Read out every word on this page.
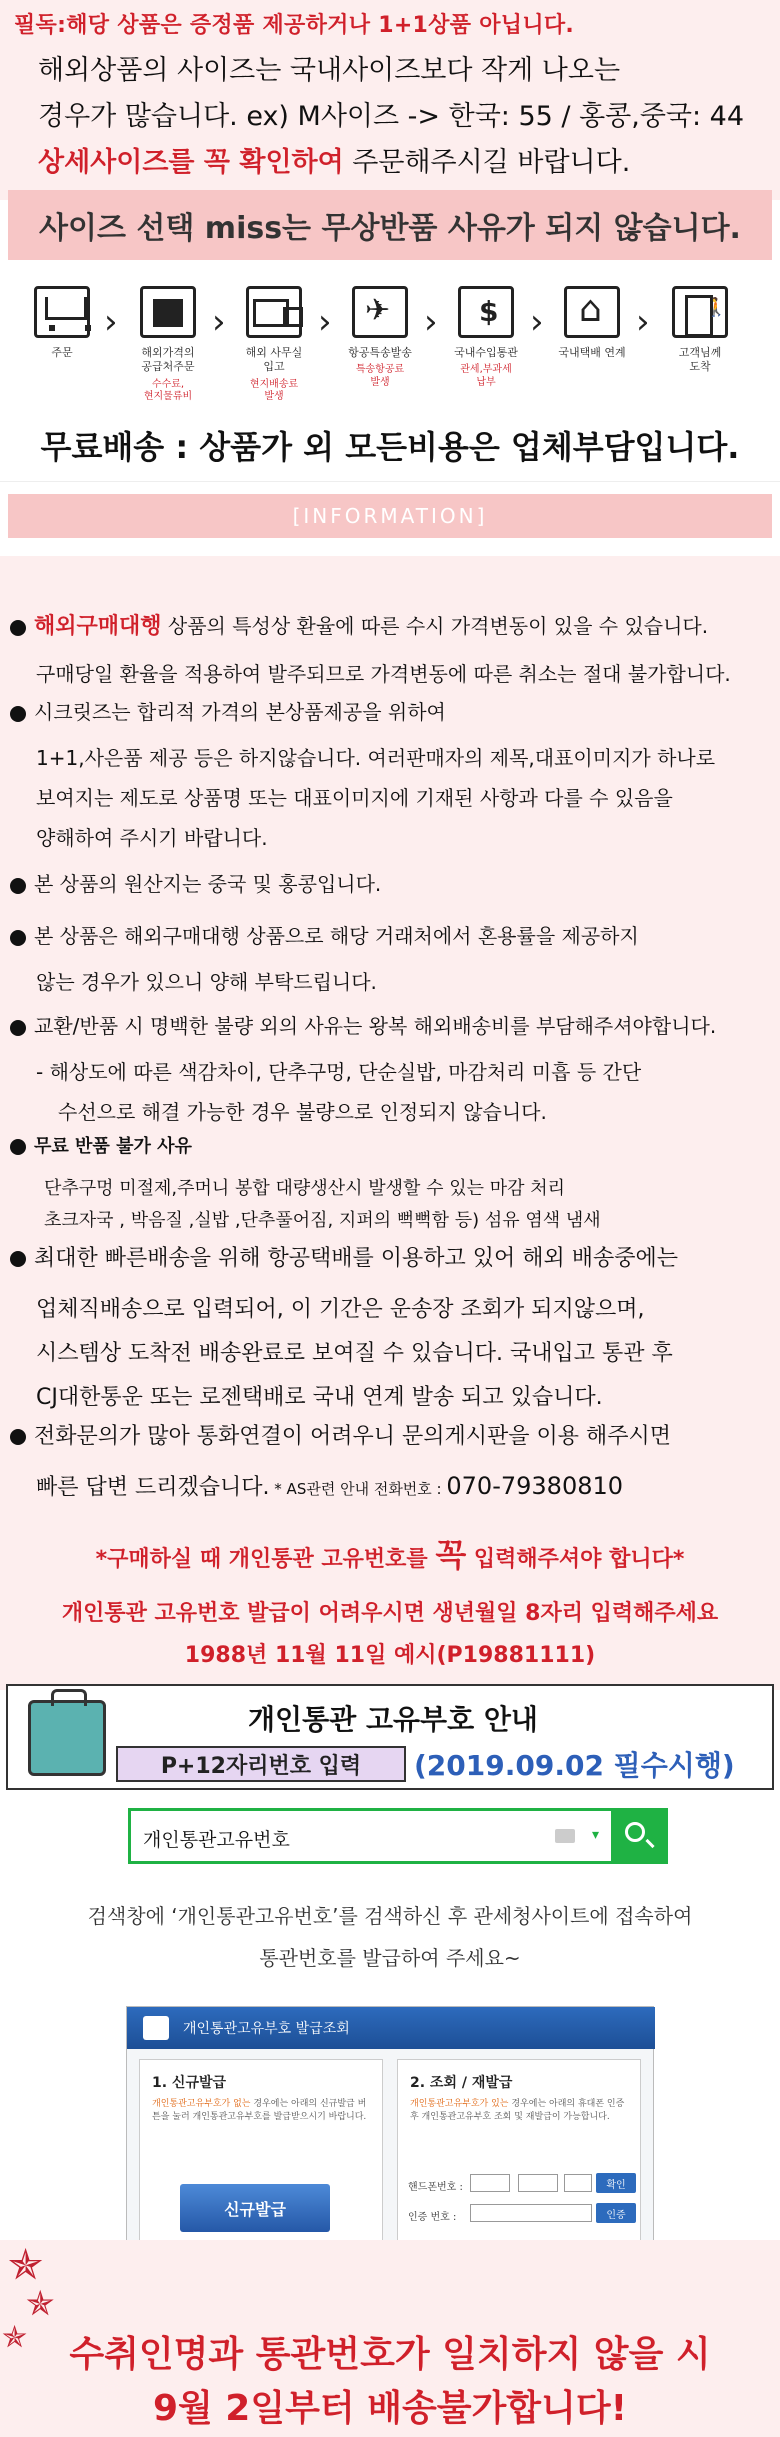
필독:해당 상품은 증정품 제공하거나 1+1상품 아닙니다.
해외상품의 사이즈는 국내사이즈보다 작게 나오는
경우가 많습니다. ex) M사이즈 -> 한국: 55 / 홍콩,중국: 44
상세사이즈를 꼭 확인하여 주문해주시길 바랍니다.
사이즈 선택 miss는 무상반품 사유가 되지 않습니다.
주문
›
해외가격의
공급처주문
수수료,
현지물류비
›
해외 사무실
입고
현지배송료
발생
›
✈
항공특송발송
특송항공료
발생
›
$
국내수입통관
관세,부과세
납부
›
⌂
국내택배 연계
›
🚶
고객님께
도착
무료배송 : 상품가 외 모든비용은 업체부담입니다.
[INFORMATION]
해외구매대행 상품의 특성상 환율에 따른 수시 가격변동이 있을 수 있습니다.
구매당일 환율을 적용하여 발주되므로 가격변동에 따른 취소는 절대 불가합니다.
시크릿즈는 합리적 가격의 본상품제공을 위하여
1+1,사은품 제공 등은 하지않습니다. 여러판매자의 제목,대표이미지가 하나로
보여지는 제도로 상품명 또는 대표이미지에 기재된 사항과 다를 수 있음을
양해하여 주시기 바랍니다.
본 상품의 원산지는 중국 및 홍콩입니다.
본 상품은 해외구매대행 상품으로 해당 거래처에서 혼용률을 제공하지
않는 경우가 있으니 양해 부탁드립니다.
교환/반품 시 명백한 불량 외의 사유는 왕복 해외배송비를 부담해주셔야합니다.
- 해상도에 따른 색감차이, 단추구멍, 단순실밥, 마감처리 미흡 등 간단
수선으로 해결 가능한 경우 불량으로 인정되지 않습니다.
무료 반품 불가 사유
단추구멍 미절제,주머니 봉합 대량생산시 발생할 수 있는 마감 처리
초크자국 , 박음질 ,실밥 ,단추풀어짐, 지퍼의 뻑뻑함 등) 섬유 염색 냄새
최대한 빠른배송을 위해 항공택배를 이용하고 있어 해외 배송중에는
업체직배송으로 입력되어, 이 기간은 운송장 조회가 되지않으며,
시스템상 도착전 배송완료로 보여질 수 있습니다. 국내입고 통관 후
CJ대한통운 또는 로젠택배로 국내 연계 발송 되고 있습니다.
전화문의가 많아 통화연결이 어려우니 문의게시판을 이용 해주시면
빠른 답변 드리겠습니다. * AS관련 안내 전화번호 : 070-79380810
*구매하실 때 개인통관 고유번호를 꼭 입력해주셔야 합니다*
개인통관 고유번호 발급이 어려우시면 생년월일 8자리 입력해주세요
1988년 11월 11일 예시(P19881111)
개인통관 고유부호 안내
P+12자리번호 입력	(2019.09.02 필수시행)
개인통관고유번호	▾
검색창에 ‘개인통관고유번호’를 검색하신 후 관세청사이트에 접속하여
통관번호를 발급하여 주세요~
개인통관고유부호 발급조회
1. 신규발급
개인통관고유부호가 없는 경우에는 아래의 신규발급 버튼을 눌러 개인통관고유부호를 발급받으시기 바랍니다.
신규발급
2. 조회 / 재발급
개인통관고유부호가 있는 경우에는 아래의 휴대폰 인증 후 개인통관고유부호 조회 및 재발급이 가능합니다.
핸드폰번호 :	확인
인증 번호 :	인증
✯
✯
✯	수취인명과 통관번호가 일치하지 않을 시
9월 2일부터 배송불가합니다!
